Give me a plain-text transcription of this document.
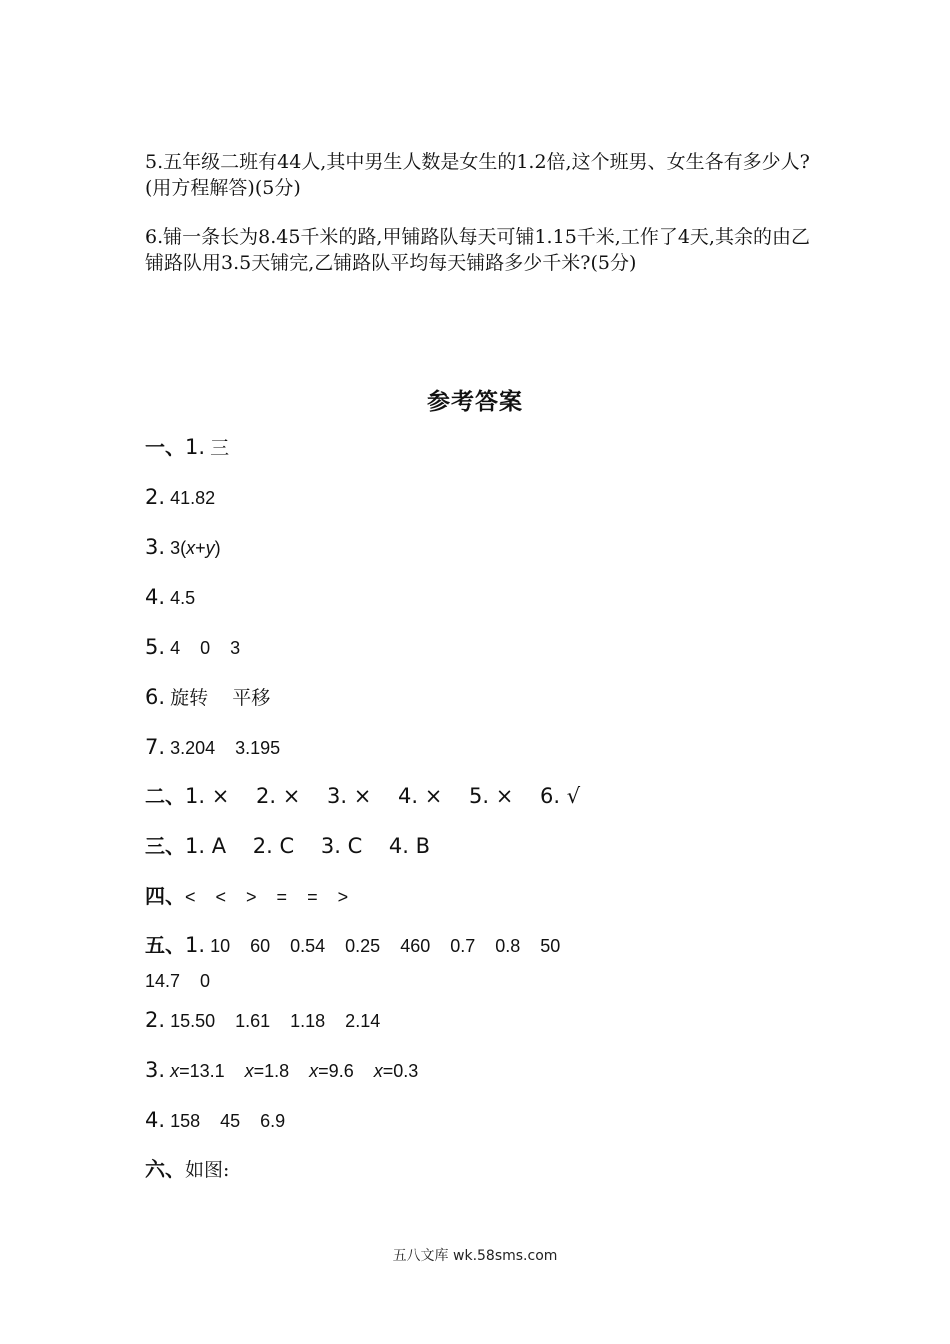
5.五年级二班有44人,其中男生人数是女生的1.2倍,这个班男、女生各有多少人?(用方程解答)(5分)
6.铺一条长为8.45千米的路,甲铺路队每天可铺1.15千米,工作了4天,其余的由乙铺路队用3.5天铺完,乙铺路队平均每天铺路多少千米?(5分)
参考答案
一、1. 三
2. 41.82
3. 3(x+y)
4. 4.5
5. 4    0    3
6. 旋转    平移
7. 3.204    3.195
二、1. ×    2. ×    3. ×    4. ×    5. ×    6. √
三、1. A    2. C    3. C    4. B
四、<    <    >    =    =    >
五、1. 10    60    0.54    0.25    460    0.7    0.8    50
14.7    0
2. 15.50    1.61    1.18    2.14
3. x=13.1    x=1.8    x=9.6    x=0.3
4. 158    45    6.9
六、如图:
五八文库 wk.58sms.com
